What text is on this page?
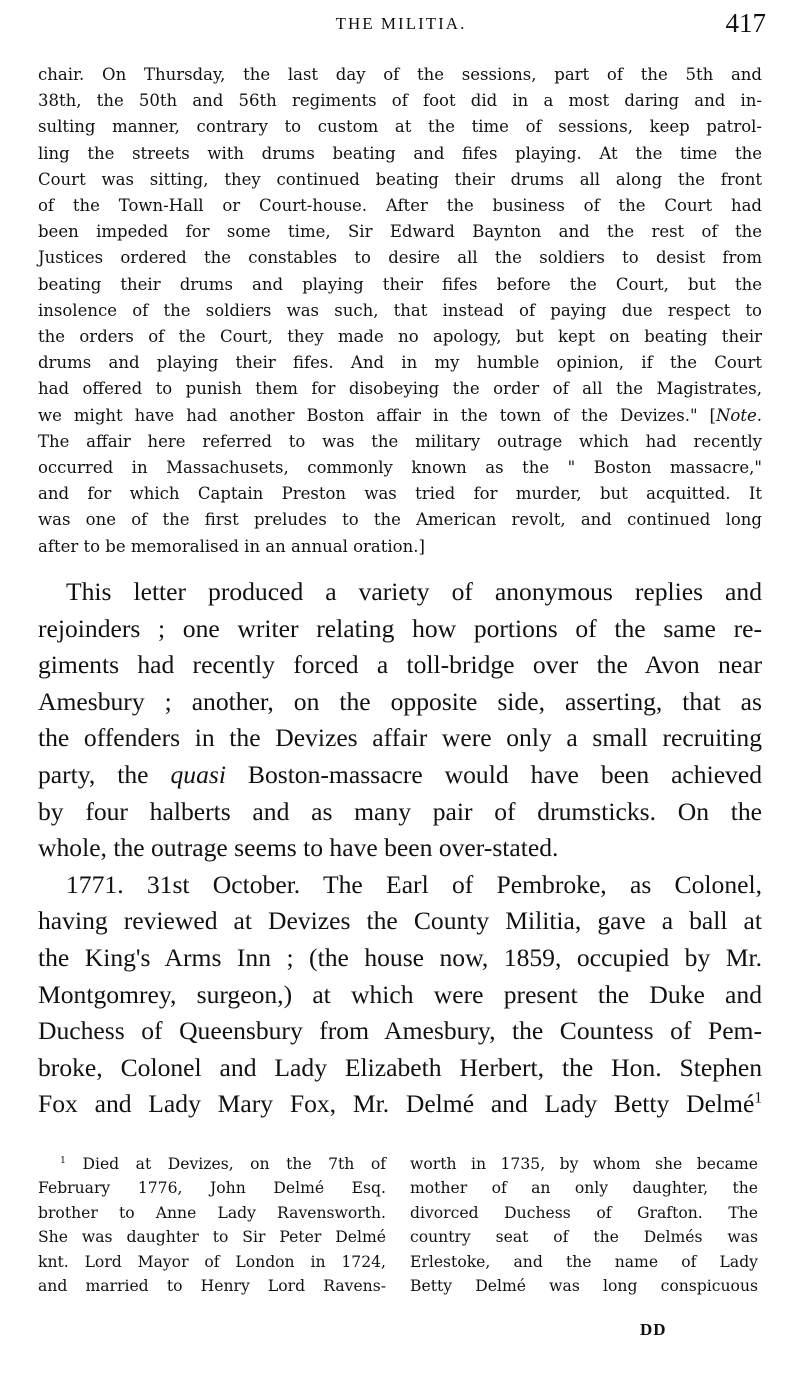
THE MILITIA.	417
chair. On Thursday, the last day of the sessions, part of the 5th and
38th, the 50th and 56th regiments of foot did in a most daring and in-
sulting manner, contrary to custom at the time of sessions, keep patrol-
ling the streets with drums beating and fifes playing. At the time the
Court was sitting, they continued beating their drums all along the front
of the Town-Hall or Court-house. After the business of the Court had
been impeded for some time, Sir Edward Baynton and the rest of the
Justices ordered the constables to desire all the soldiers to desist from
beating their drums and playing their fifes before the Court, but the
insolence of the soldiers was such, that instead of paying due respect to
the orders of the Court, they made no apology, but kept on beating their
drums and playing their fifes. And in my humble opinion, if the Court
had offered to punish them for disobeying the order of all the Magistrates,
we might have had another Boston affair in the town of the Devizes." [Note.
The affair here referred to was the military outrage which had recently
occurred in Massachusets, commonly known as the " Boston massacre,"
and for which Captain Preston was tried for murder, but acquitted. It
was one of the first preludes to the American revolt, and continued long
after to be memoralised in an annual oration.]
This letter produced a variety of anonymous replies and
rejoinders ; one writer relating how portions of the same re-
giments had recently forced a toll-bridge over the Avon near
Amesbury ; another, on the opposite side, asserting, that as
the offenders in the Devizes affair were only a small recruiting
party, the quasi Boston-massacre would have been achieved
by four halberts and as many pair of drumsticks. On the
whole, the outrage seems to have been over-stated.
1771. 31st October. The Earl of Pembroke, as Colonel,
having reviewed at Devizes the County Militia, gave a ball at
the King's Arms Inn ; (the house now, 1859, occupied by Mr.
Montgomrey, surgeon,) at which were present the Duke and
Duchess of Queensbury from Amesbury, the Countess of Pem-
broke, Colonel and Lady Elizabeth Herbert, the Hon. Stephen
Fox and Lady Mary Fox, Mr. Delmé and Lady Betty Delmé$^1$
$^1$ Died at Devizes, on the 7th of
February 1776, John Delmé Esq.
brother to Anne Lady Ravensworth.
She was daughter to Sir Peter Delmé
knt. Lord Mayor of London in 1724,
and married to Henry Lord Ravens-
worth in 1735, by whom she became
mother of an only daughter, the
divorced Duchess of Grafton. The
country seat of the Delmés was
Erlestoke, and the name of Lady
Betty Delmé was long conspicuous
DD
